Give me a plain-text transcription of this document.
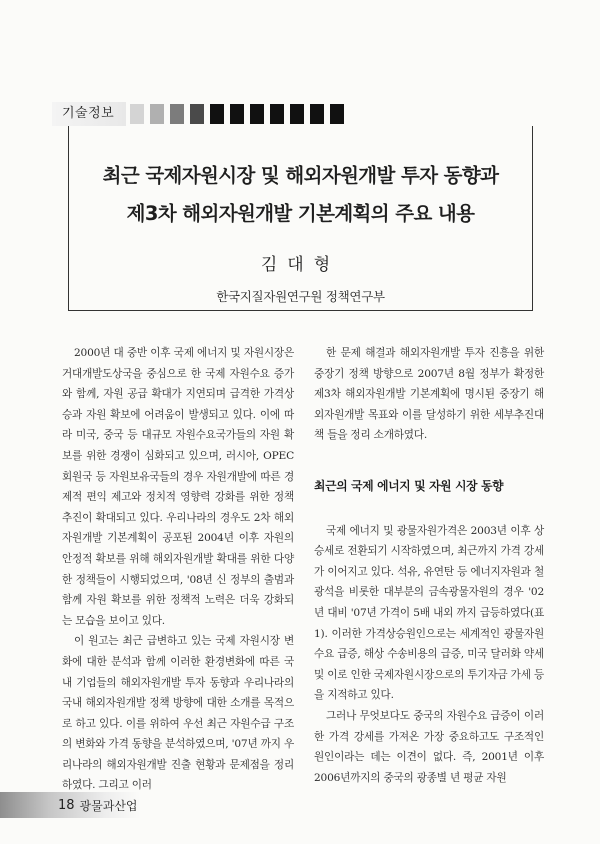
기술정보
최근 국제자원시장 및 해외자원개발 투자 동향과
제3차 해외자원개발 기본계획의 주요 내용
김대형
한국지질자원연구원 정책연구부

2000년 대 중반 이후 국제 에너지 및 자원시장은 거대개발도상국을 중심으로 한 국제 자원수요 증가와 함께, 자원 공급 확대가 지연되며 급격한 가격상승과 자원 확보에 어려움이 발생되고 있다. 이에 따라 미국, 중국 등 대규모 자원수요국가들의 자원 확보를 위한 경쟁이 심화되고 있으며, 러시아, OPEC 회원국 등 자원보유국들의 경우 자원개발에 따른 경제적 편익 제고와 정치적 영향력 강화를 위한 정책 추진이 확대되고 있다. 우리나라의 경우도 2차 해외자원개발 기본계획이 공포된 2004년 이후 자원의 안정적 확보를 위해 해외자원개발 확대를 위한 다양한 정책들이 시행되었으며, '08년 신 정부의 출범과 함께 자원 확보를 위한 정책적 노력은 더욱 강화되는 모습을 보이고 있다.

이 원고는 최근 급변하고 있는 국제 자원시장 변화에 대한 분석과 함께 이러한 환경변화에 따른 국내 기업들의 해외자원개발 투자 동향과 우리나라의 국내 해외자원개발 정책 방향에 대한 소개를 목적으로 하고 있다. 이를 위하여 우선 최근 자원수급 구조의 변화와 가격 동향을 분석하였으며, '07년 까지 우리나라의 해외자원개발 진출 현황과 문제점을 정리하였다. 그리고 이러

한 문제 해결과 해외자원개발 투자 진흥을 위한 중장기 정책 방향으로 2007년 8월 정부가 확정한 제3차 해외자원개발 기본계획에 명시된 중장기 해외자원개발 목표와 이를 달성하기 위한 세부추진대책 들을 정리 소개하였다.

최근의 국제 에너지 및 자원 시장 동향

국제 에너지 및 광물자원가격은 2003년 이후 상승세로 전환되기 시작하였으며, 최근까지 가격 강세가 이어지고 있다. 석유, 유연탄 등 에너지자원과 철광석을 비롯한 대부분의 금속광물자원의 경우 '02년 대비 '07년 가격이 5배 내외 까지 급등하였다(표 1). 이러한 가격상승원인으로는 세계적인 광물자원 수요 급증, 해상 수송비용의 급증, 미국 달러화 약세 및 이로 인한 국제자원시장으로의 투기자금 가세 등을 지적하고 있다.

그러나 무엇보다도 중국의 자원수요 급증이 이러한 가격 강세를 가져온 가장 중요하고도 구조적인 원인이라는 데는 이견이 없다. 즉, 2001년 이후 2006년까지의 중국의 광종별 년 평균 자원

18 광물과산업
